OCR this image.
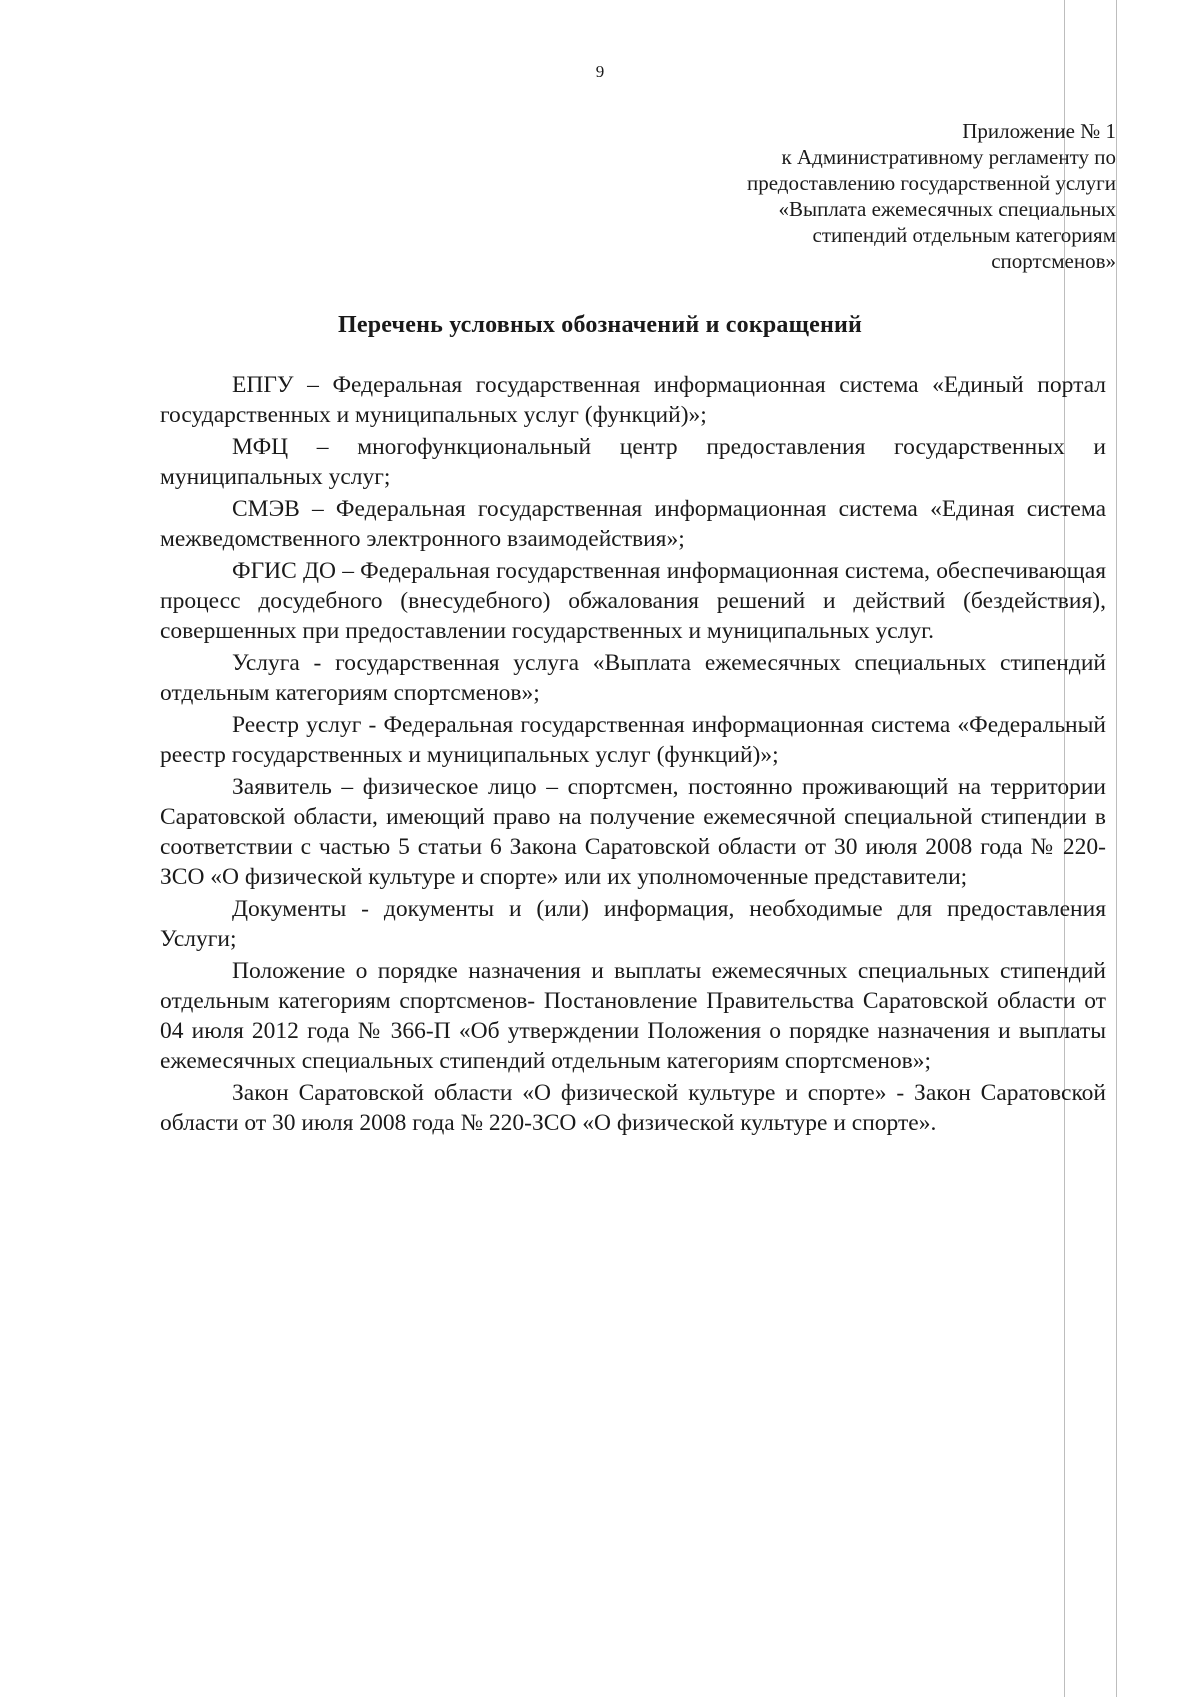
9
Приложение № 1
к Административному регламенту по
предоставлению государственной услуги
«Выплата ежемесячных специальных
стипендий отдельным категориям
спортсменов»
Перечень условных обозначений и сокращений

ЕПГУ – Федеральная государственная информационная система «Единый портал государственных и муниципальных услуг (функций)»;

МФЦ – многофункциональный центр предоставления государственных и муниципальных услуг;

СМЭВ – Федеральная государственная информационная система «Единая система межведомственного электронного взаимодействия»;

ФГИС ДО – Федеральная государственная информационная система, обеспечивающая процесс досудебного (внесудебного) обжалования решений и действий (бездействия), совершенных при предоставлении государственных и муниципальных услуг.

Услуга - государственная услуга «Выплата ежемесячных специальных стипендий отдельным категориям спортсменов»;

Реестр услуг - Федеральная государственная информационная система «Федеральный реестр государственных и муниципальных услуг (функций)»;

Заявитель – физическое лицо – спортсмен, постоянно проживающий на территории Саратовской области, имеющий право на получение ежемесячной специальной стипендии в соответствии с частью 5 статьи 6 Закона Саратовской области от 30 июля 2008 года № 220-ЗСО «О физической культуре и спорте» или их уполномоченные представители;

Документы - документы и (или) информация, необходимые для предоставления Услуги;

Положение о порядке назначения и выплаты ежемесячных специальных стипендий отдельным категориям спортсменов- Постановление Правительства Саратовской области от 04 июля 2012 года № 366-П «Об утверждении Положения о порядке назначения и выплаты ежемесячных специальных стипендий отдельным категориям спортсменов»;

Закон Саратовской области «О физической культуре и спорте» - Закон Саратовской области от 30 июля 2008 года № 220-ЗСО «О физической культуре и спорте».
